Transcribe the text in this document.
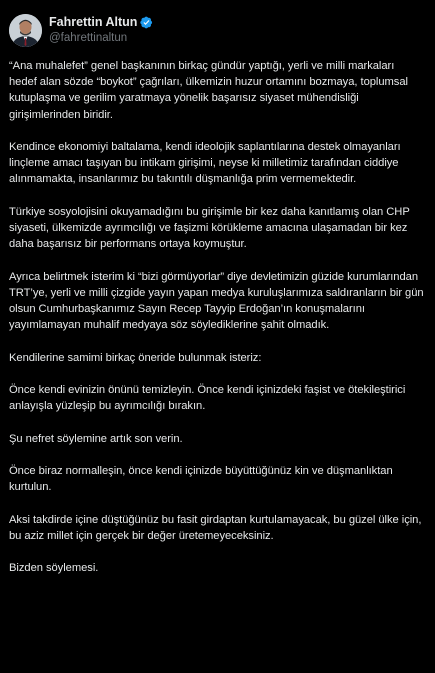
Fahrettin Altun
@fahrettinaltun

“Ana muhalefet” genel başkanının birkaç gündür yaptığı, yerli ve milli markaları hedef alan sözde “boykot” çağrıları, ülkemizin huzur ortamını bozmaya, toplumsal kutuplaşma ve gerilim yaratmaya yönelik başarısız siyaset mühendisliği girişimlerinden biridir.

Kendince ekonomiyi baltalama, kendi ideolojik saplantılarına destek olmayanları linçleme amacı taşıyan bu intikam girişimi, neyse ki milletimiz tarafından ciddiye alınmamakta, insanlarımız bu takıntılı düşmanlığa prim vermemektedir.

Türkiye sosyolojisini okuyamadığını bu girişimle bir kez daha kanıtlamış olan CHP siyaseti, ülkemizde ayrımcılığı ve faşizmi körükleme amacına ulaşamadan bir kez daha başarısız bir performans ortaya koymuştur.

Ayrıca belirtmek isterim ki “bizi görmüyorlar” diye devletimizin güzide kurumlarından TRT’ye, yerli ve milli çizgide yayın yapan medya kuruluşlarımıza saldıranların bir gün olsun Cumhurbaşkanımız Sayın Recep Tayyip Erdoğan’ın konuşmalarını yayımlamayan muhalif medyaya söz söylediklerine şahit olmadık.

Kendilerine samimi birkaç öneride bulunmak isteriz:

Önce kendi evinizin önünü temizleyin. Önce kendi içinizdeki faşist ve ötekileştirici anlayışla yüzleşip bu ayrımcılığı bırakın.

Şu nefret söylemine artık son verin.

Önce biraz normalleşin, önce kendi içinizde büyüttüğünüz kin ve düşmanlıktan kurtulun.

Aksi takdirde içine düştüğünüz bu fasit girdaptan kurtulamayacak, bu güzel ülke için, bu aziz millet için gerçek bir değer üretemeyeceksiniz.

Bizden söylemesi.
